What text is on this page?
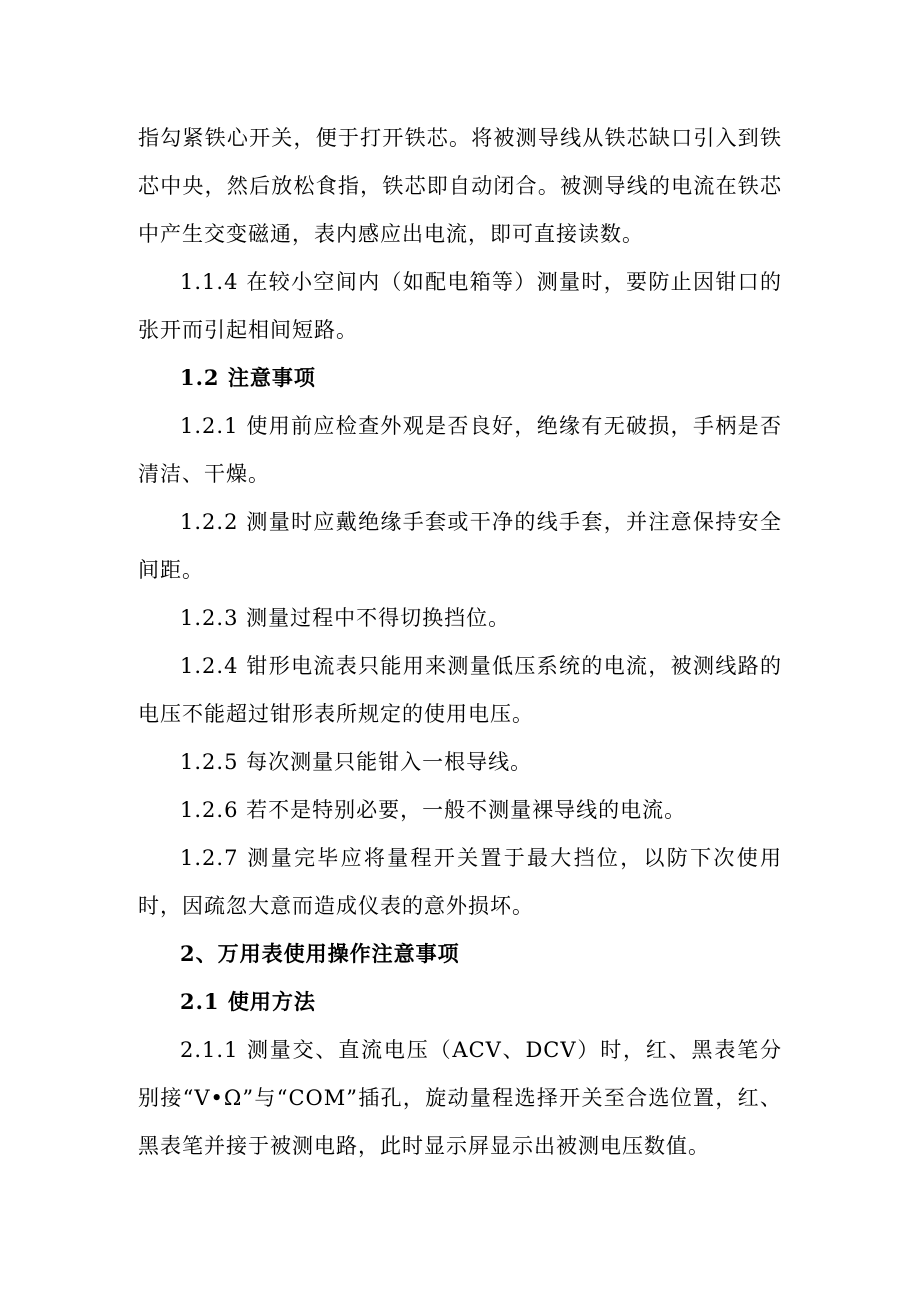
指勾紧铁心开关，便于打开铁芯。将被测导线从铁芯缺口引入到铁芯中央，然后放松食指，铁芯即自动闭合。被测导线的电流在铁芯中产生交变磁通，表内感应出电流，即可直接读数。

1.1.4 在较小空间内（如配电箱等）测量时，要防止因钳口的张开而引起相间短路。

1.2 注意事项

1.2.1 使用前应检查外观是否良好，绝缘有无破损，手柄是否清洁、干燥。

1.2.2 测量时应戴绝缘手套或干净的线手套，并注意保持安全间距。

1.2.3 测量过程中不得切换挡位。

1.2.4 钳形电流表只能用来测量低压系统的电流，被测线路的电压不能超过钳形表所规定的使用电压。

1.2.5 每次测量只能钳入一根导线。

1.2.6 若不是特别必要，一般不测量裸导线的电流。

1.2.7 测量完毕应将量程开关置于最大挡位，以防下次使用时，因疏忽大意而造成仪表的意外损坏。

2、万用表使用操作注意事项

2.1 使用方法

2.1.1 测量交、直流电压（ACV、DCV）时，红、黑表笔分别接“V•Ω”与“COM”插孔，旋动量程选择开关至合选位置，红、黑表笔并接于被测电路，此时显示屏显示出被测电压数值。
